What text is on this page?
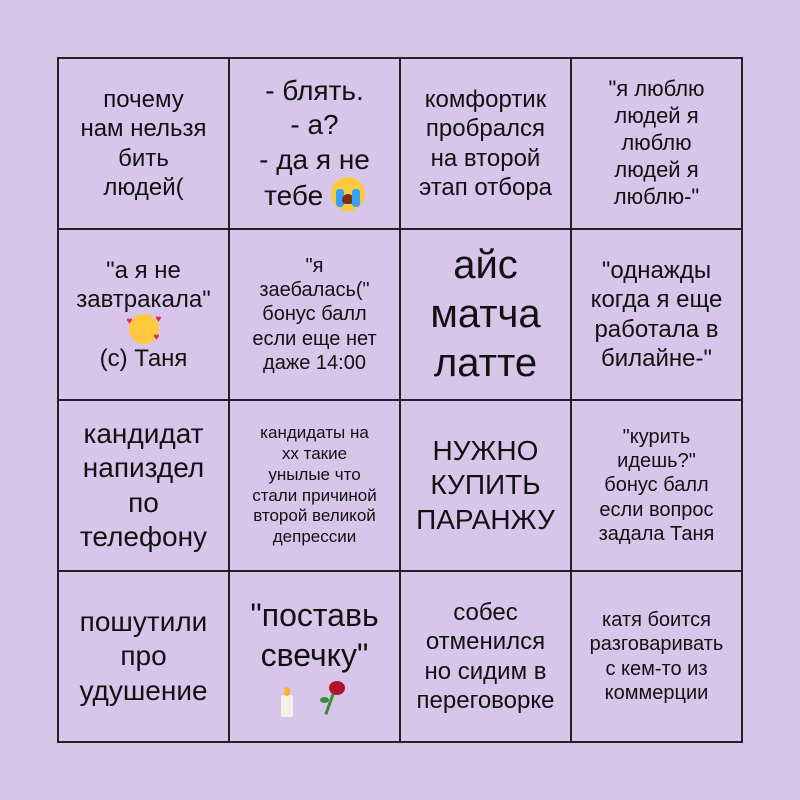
почему
нам нельзя
бить
людей(
- блять.
- а?
- да я не
тебе
комфортик
пробрался
на второй
этап отбора
"я люблю
людей я
люблю
людей я
люблю-"
"а я не
завтракала"
♥ ♥
♥
(с) Таня
"я
заебалась("
бонус балл
если еще нет
даже 14:00
айс
матча
латте
"однажды
когда я еще
работала в
билайне-"
кандидат
напиздел
по
телефону
кандидаты на
хх такие
унылые что
стали причиной
второй великой
депрессии
НУЖНО
КУПИТЬ
ПАРАНЖУ
"курить
идешь?"
бонус балл
если вопрос
задала Таня
пошутили
про
удушение
"поставь
свечку"

собес
отменился
но сидим в
переговорке
катя боится
разговаривать
с кем-то из
коммерции
